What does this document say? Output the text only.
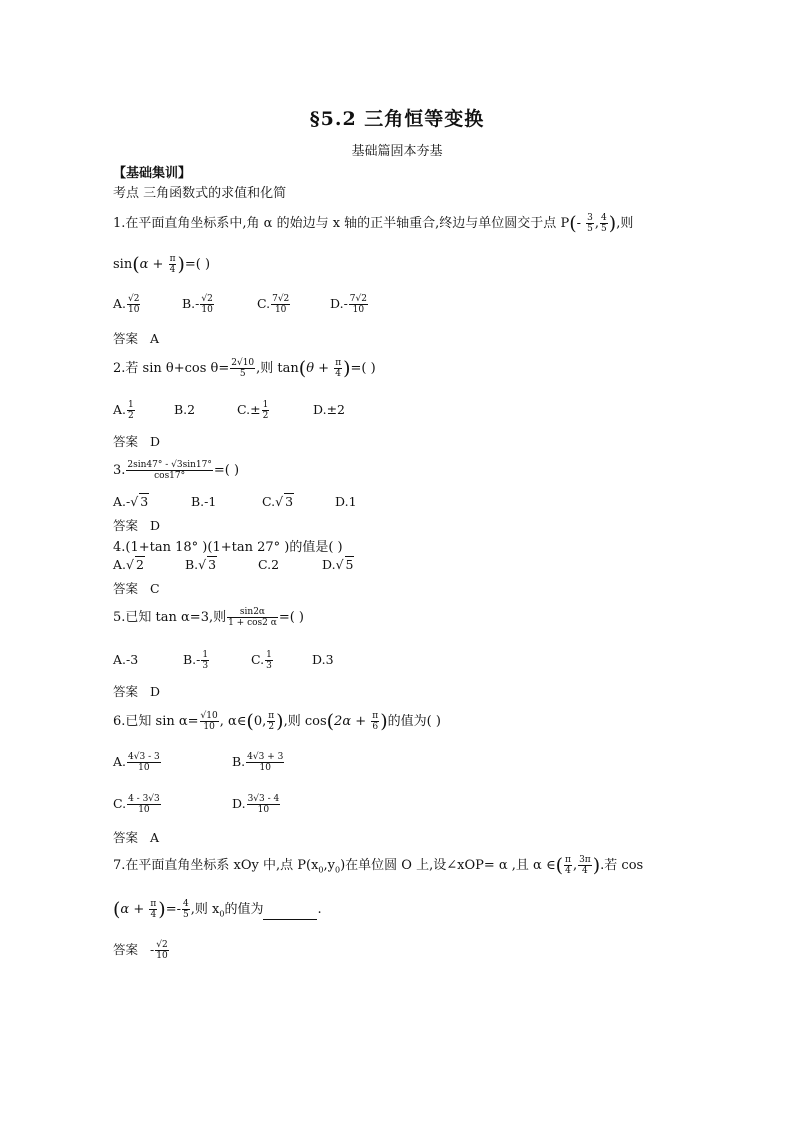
§5.2 三角恒等变换
基础篇固本夯基
【基础集训】
考点 三角函数式的求值和化简
1.在平面直角坐标系中,角 α 的始边与 x 轴的正半轴重合,终边与单位圆交于点 $P(- \frac{3}{5}$ , $\frac{4}{5}$ ),则
$\sin(\alpha + \frac{\pi}{4}$ )=( )
A. $\frac{√2}{10}$	$B.- \frac{√2}{10}$	C. $\frac{7√2}{10}$	$D.- \frac{7√2}{10}$
答案 A
2.若 sin θ+cos $\theta= \frac{2√10}{5}$ ,则 $\tan(\theta + \frac{\pi}{4}$ )=( )
A. $\frac{1}{2}$	B.2	$C.\pm \frac{1}{2}$	D.±2
答案 D
3. $\frac{2\sin 47^\circ - √3\sin 17^\circ}{\cos 17^\circ}$ =( )
A.-√ 3	B.-1	C.√ 3	D.1
答案 D
4.(1+tan 18° )(1+tan 27° )的值是( )
A.√ 2	B.√ 3	C.2	D.√ 5
答案 C
5.已知 tan α=3,则 $\frac{\sin 2\alpha}{1 + \cos 2 \alpha}$ =( )
A.-3	$B.- \frac{1}{3}$	C. $\frac{1}{3}$	D.3
答案 D
6.已知 $\sin \alpha= \frac{√10}{10}$ , α∈(0, $\frac{\pi}{2}$ ),则 $\cos(2\alpha + \frac{\pi}{6}$ )的值为( )
A. $\frac{4√3 - 3}{10}$	B. $\frac{4√3 + 3}{10}$
C. $\frac{4 - 3√3}{10}$	D. $\frac{3√3 - 4}{10}$
答案 A
7.在平面直角坐标系 xOy 中,点 $P(x_0,y_0)$在单位圆 O 上,设∠xOP= α ,且 α ∈( $\frac{\pi}{4}$ , $\frac{3\pi}{4}$ ).若 cos
($\alpha + \frac{\pi}{4}$ )=- $\frac{4}{5}$ ,则 $x_0$的值为	.
答案 - $\frac{√2}{10}$
